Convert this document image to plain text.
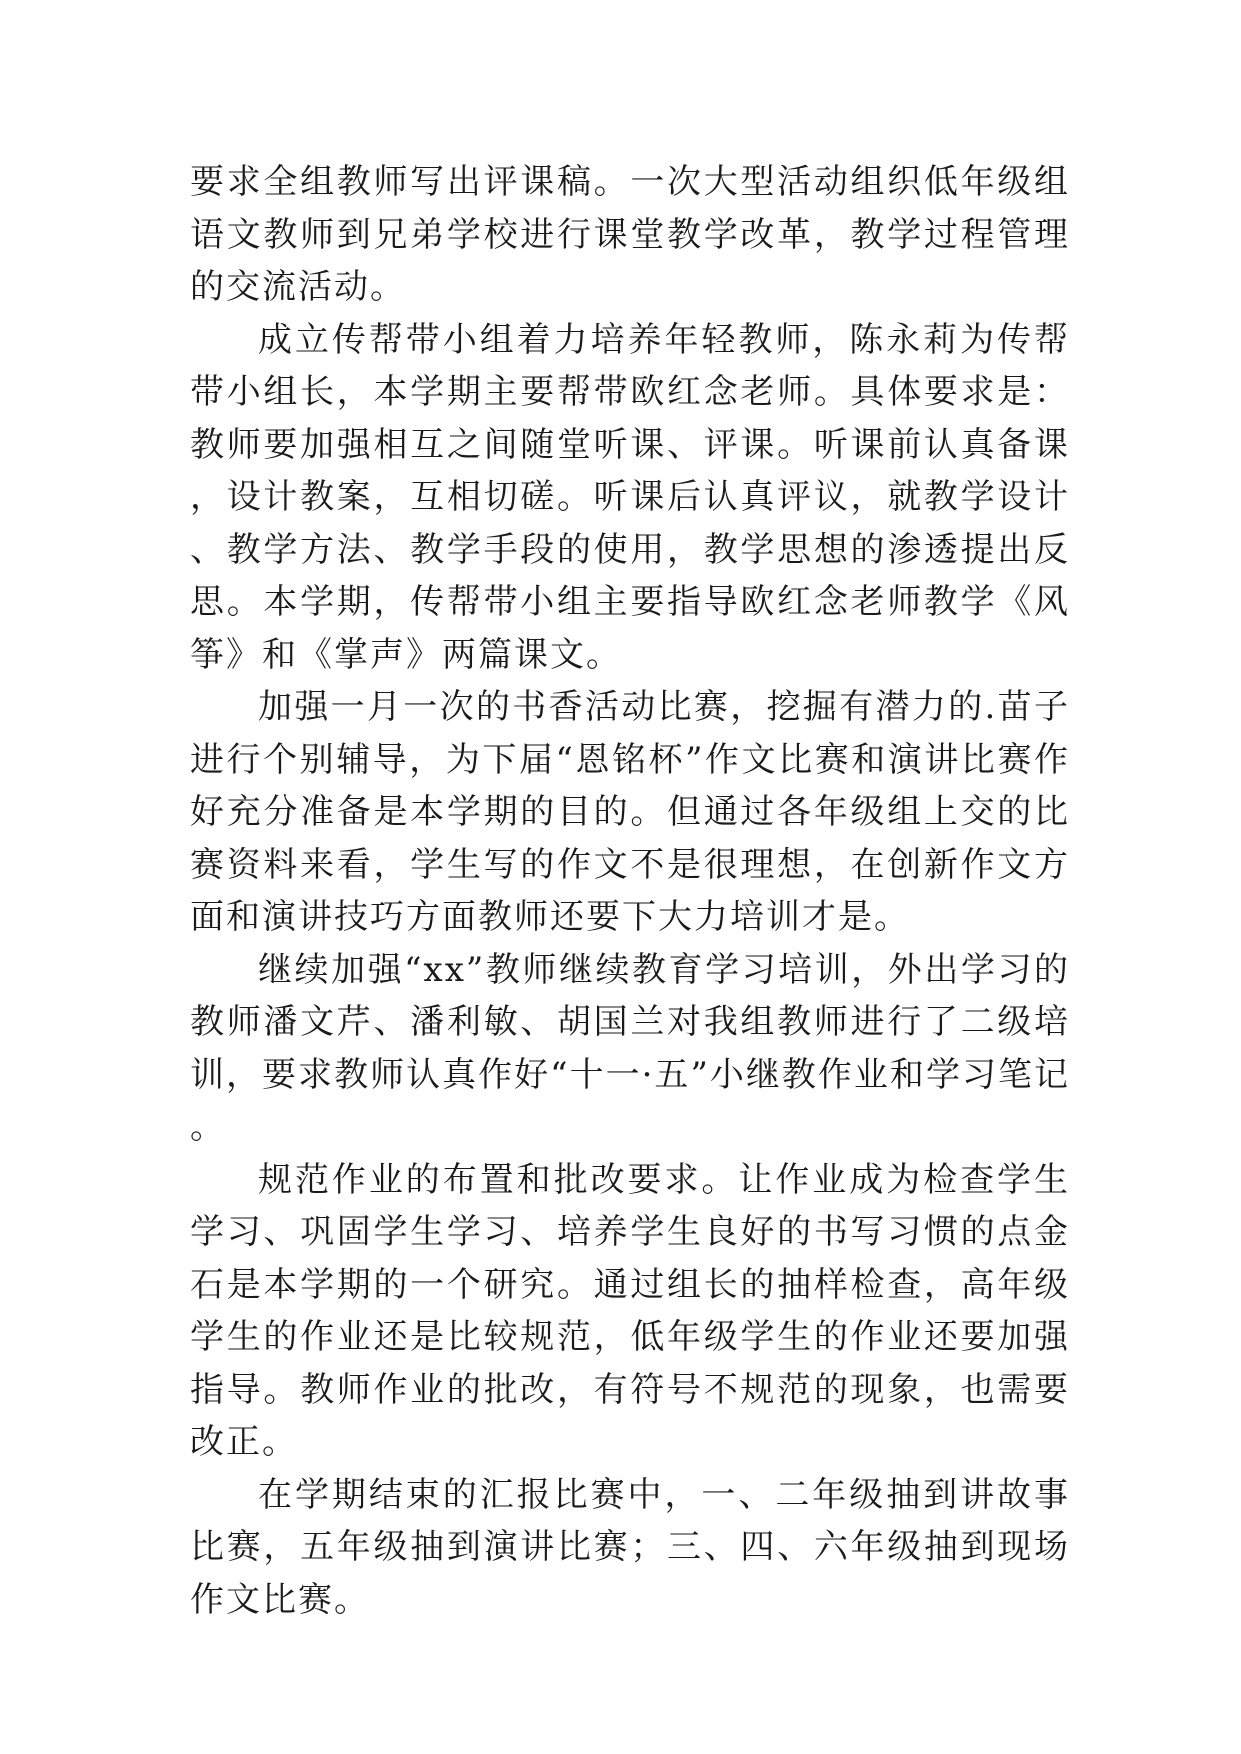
要求全组教师写出评课稿。一次大型活动组织低年级组语文教师到兄弟学校进行课堂教学改革，教学过程管理的交流活动。

成立传帮带小组着力培养年轻教师，陈永莉为传帮带小组长，本学期主要帮带欧红念老师。具体要求是：教师要加强相互之间随堂听课、评课。听课前认真备课，设计教案，互相切磋。听课后认真评议，就教学设计、教学方法、教学手段的使用，教学思想的渗透提出反思。本学期，传帮带小组主要指导欧红念老师教学《风筝》和《掌声》两篇课文。

加强一月一次的书香活动比赛，挖掘有潜力的.苗子进行个别辅导，为下届“恩铭杯”作文比赛和演讲比赛作好充分准备是本学期的目的。但通过各年级组上交的比赛资料来看，学生写的作文不是很理想，在创新作文方面和演讲技巧方面教师还要下大力培训才是。

继续加强“xx”教师继续教育学习培训，外出学习的教师潘文芹、潘利敏、胡国兰对我组教师进行了二级培训，要求教师认真作好“十一·五”小继教作业和学习笔记。

规范作业的布置和批改要求。让作业成为检查学生学习、巩固学生学习、培养学生良好的书写习惯的点金石是本学期的一个研究。通过组长的抽样检查，高年级学生的作业还是比较规范，低年级学生的作业还要加强指导。教师作业的批改，有符号不规范的现象，也需要改正。

在学期结束的汇报比赛中，一、二年级抽到讲故事比赛，五年级抽到演讲比赛；三、四、六年级抽到现场作文比赛。
